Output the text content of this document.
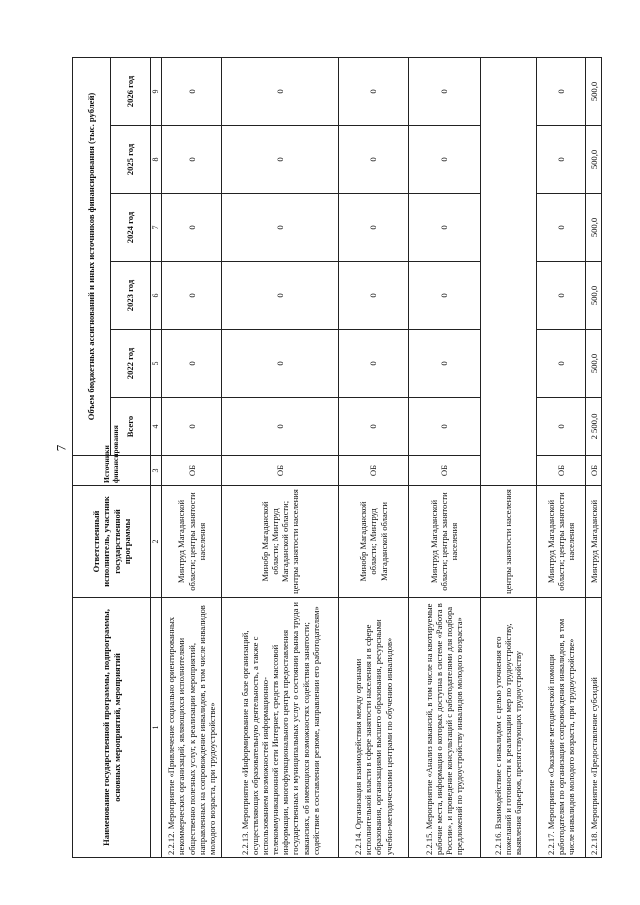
7
Наименование государственной программы, подпрограммы, основных мероприятий, мероприятий	Ответственный исполнитель, участник государственной программы	Источники финансирования	Объем бюджетных ассигнований и иных источников финансирования (тыс. рублей)					
			Всего	2022 год	2023 год	2024 год	2025 год	2026 год
1	2	3	4	5	6	7	8	9
2.2.12. Мероприятие «Привлечение социально ориентированных некоммерческих организаций, являющихся исполнителями общественно полезных услуг, к реализации мероприятий, направленных на сопровождение инвалидов, в том числе инвалидов молодого возраста, при трудоустройстве»	Минтруд Магаданской области; центры занятости населения	ОБ	0	0	0	0	0	0
2.2.13. Мероприятие «Информирование на базе организаций, осуществляющих образовательную деятельность, а также с использованием возможностей информационно-телекоммуникационной сети Интернет, средств массовой информации, многофункционального центра предоставления государственных и муниципальных услуг о состоянии рынка труда и вакансиях, об имеющихся возможностях содействия занятости; содействие в составлении резюме, направлении его работодателям»	Минобр Магаданской области; Минтруд Магаданской области; центры занятости населения	ОБ	0	0	0	0	0	0
2.2.14. Организация взаимодействия между органами исполнительной власти в сфере занятости населения и в сфере образования, организациями высшего образования, ресурсными учебно-методическими центрами по обучению инвалидов»	Минобр Магаданской области; Минтруд Магаданской области	ОБ	0	0	0	0	0	0
2.2.15. Мероприятие «Анализ вакансий, в том числе на квотируемые рабочие места, информация о которых доступна в системе «Работа в России», и проведение консультаций с работодателями для подбора предложений по трудоустройству инвалидов молодого возраста»	Минтруд Магаданской области; центры занятости населения	ОБ	0	0	0	0	0	0
2.2.16. Взаимодействие с инвалидом с целью уточнения его пожеланий и готовности к реализации мер по трудоустройству, выявления барьеров, препятствующих трудоустройству	центры занятости населения							
2.2.17. Мероприятие «Оказание методической помощи работодателям по организации сопровождения инвалидов, в том числе инвалидов молодого возраста, при трудоустройстве»	Минтруд Магаданской области; центры занятости населения	ОБ	0	0	0	0	0	0
2.2.18. Мероприятие «Предоставление субсидий	Минтруд Магаданской	ОБ	2 500,0	500,0	500,0	500,0	500,0	500,0
